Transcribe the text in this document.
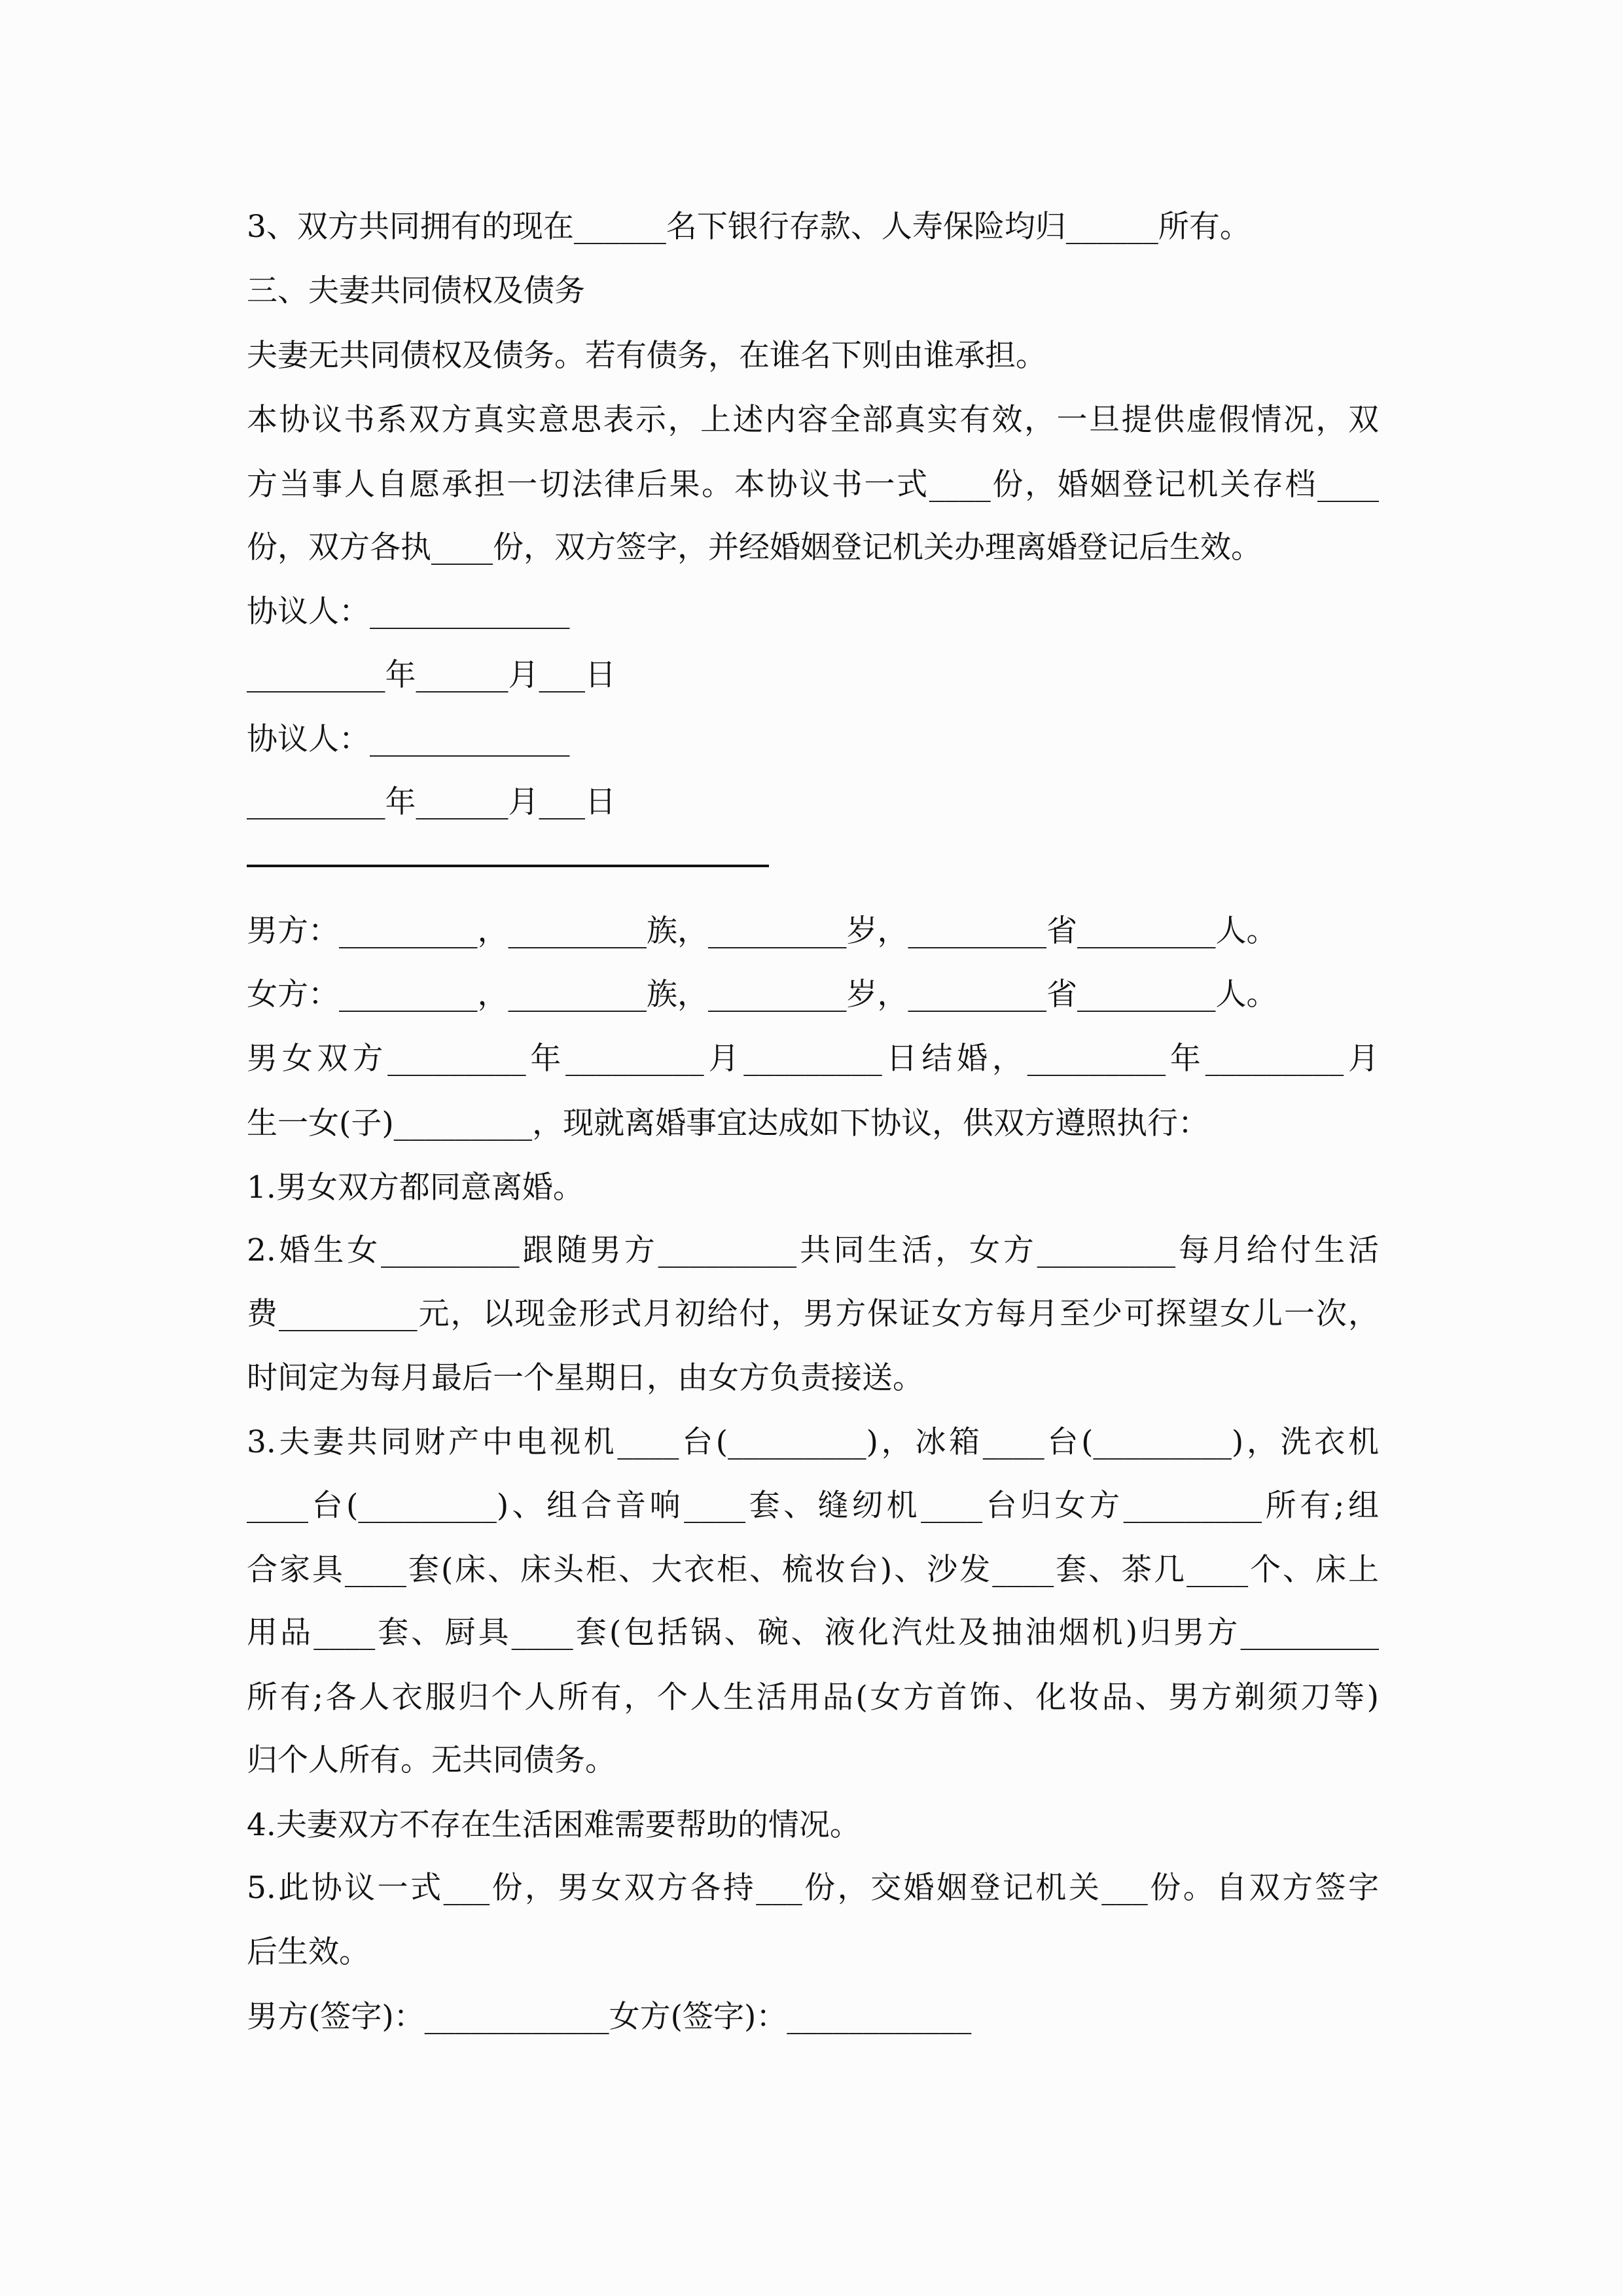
3、双方共同拥有的现在______名下银行存款、人寿保险均归______所有。
三、夫妻共同债权及债务
夫妻无共同债权及债务。若有债务，在谁名下则由谁承担。
本协议书系双方真实意思表示，上述内容全部真实有效，一旦提供虚假情况，双
方当事人自愿承担一切法律后果。本协议书一式____份，婚姻登记机关存档____
份，双方各执____份，双方签字，并经婚姻登记机关办理离婚登记后生效。
协议人：_____________
_________年______月___日
协议人：_____________
_________年______月___日
男方：_________，_________族，_________岁，_________省_________人。
女方：_________，_________族，_________岁，_________省_________人。
男女双方_________年_________月_________日结婚，_________年_________月
生一女(子)_________，现就离婚事宜达成如下协议，供双方遵照执行：
1.男女双方都同意离婚。
2.婚生女_________跟随男方_________共同生活，女方_________每月给付生活
费_________元，以现金形式月初给付，男方保证女方每月至少可探望女儿一次，
时间定为每月最后一个星期日，由女方负责接送。
3.夫妻共同财产中电视机____台(_________)，冰箱____台(_________)，洗衣机
____台(_________)、组合音响____套、缝纫机____台归女方_________所有;组
合家具____套(床、床头柜、大衣柜、梳妆台)、沙发____套、茶几____个、床上
用品____套、厨具____套(包括锅、碗、液化汽灶及抽油烟机)归男方_________
所有;各人衣服归个人所有，个人生活用品(女方首饰、化妆品、男方剃须刀等)
归个人所有。无共同债务。
4.夫妻双方不存在生活困难需要帮助的情况。
5.此协议一式___份，男女双方各持___份，交婚姻登记机关___份。自双方签字
后生效。
男方(签字)：____________女方(签字)：____________
